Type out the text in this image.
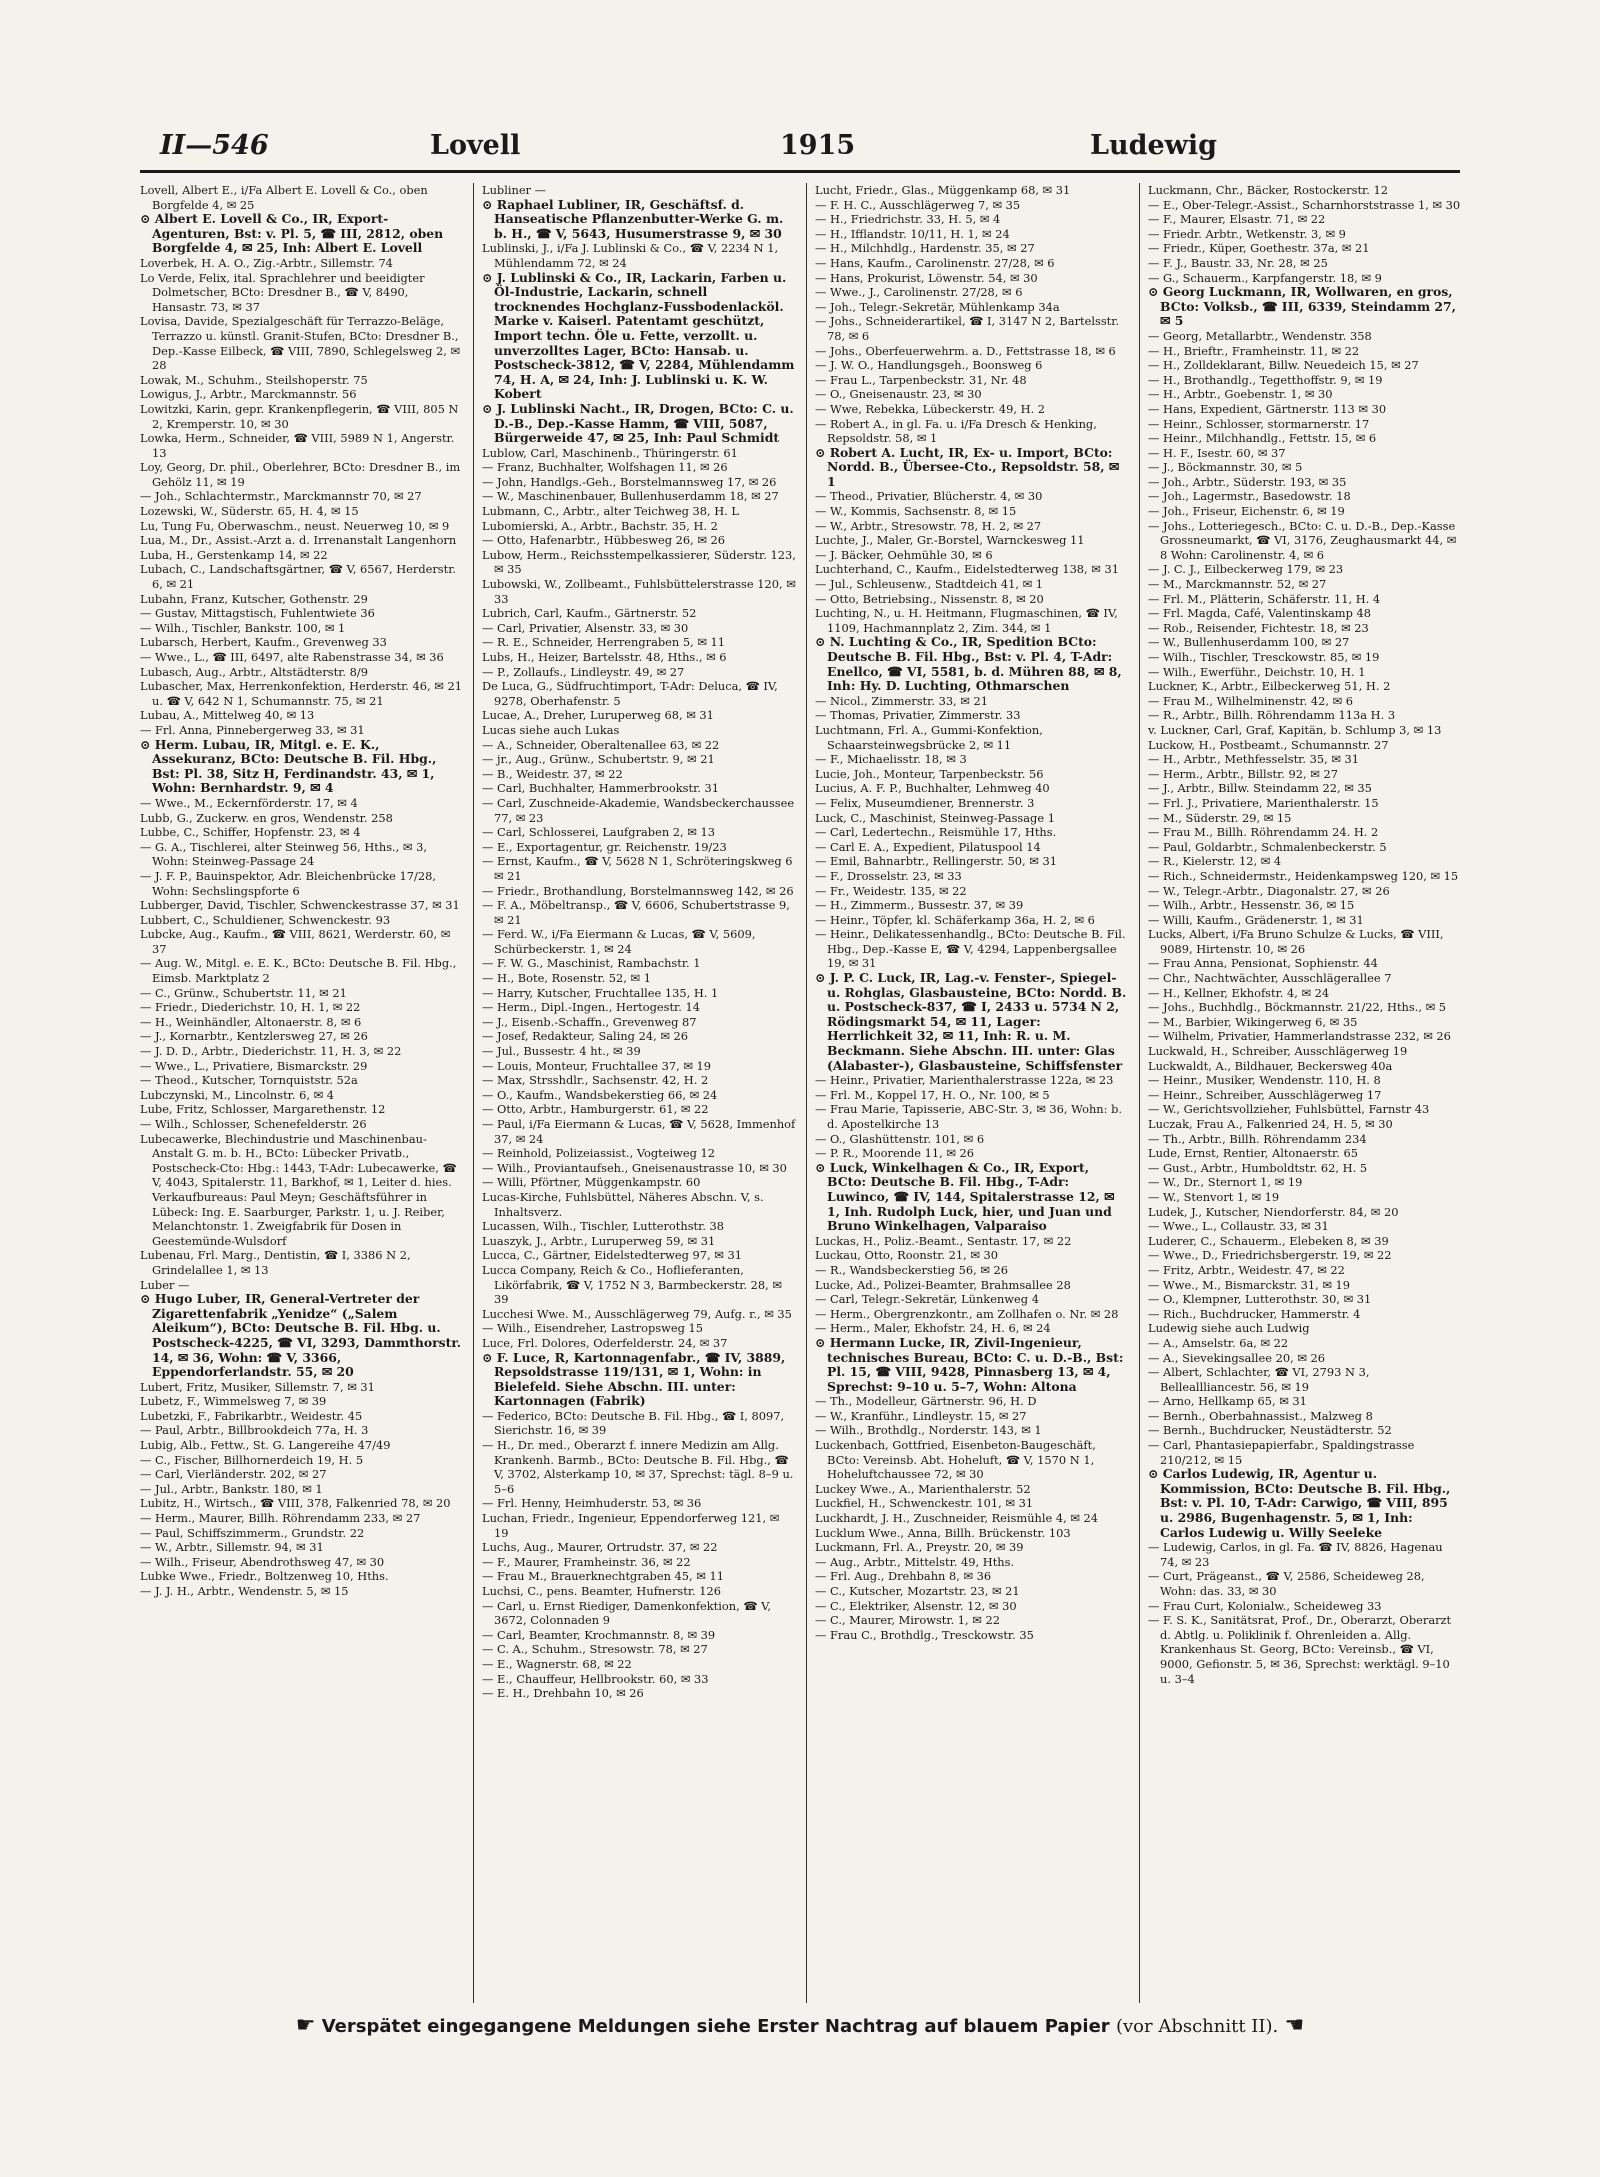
II—546	Lovell	1915	Ludewig

Lovell, Albert E., i/Fa Albert E. Lovell & Co., oben Borgfelde 4, ✉ 25

⊙ Albert E. Lovell & Co., IR, Export-Agenturen, Bst: v. Pl. 5, ☎ III, 2812, oben Borgfelde 4, ✉ 25, Inh: Albert E. Lovell

Loverbek, H. A. O., Zig.-Arbtr., Sillemstr. 74

Lo Verde, Felix, ital. Sprachlehrer und beeidigter Dolmetscher, BCto: Dresdner B., ☎ V, 8490, Hansastr. 73, ✉ 37

Lovisa, Davide, Spezialgeschäft für Terrazzo-Beläge, Terrazzo u. künstl. Granit-Stufen, BCto: Dresdner B., Dep.-Kasse Eilbeck, ☎ VIII, 7890, Schlegelsweg 2, ✉ 28

Lowak, M., Schuhm., Steilshoperstr. 75

Lowigus, J., Arbtr., Marckmannstr. 56

Lowitzki, Karin, gepr. Krankenpflegerin, ☎ VIII, 805 N 2, Kremperstr. 10, ✉ 30

Lowka, Herm., Schneider, ☎ VIII, 5989 N 1, Angerstr. 13

Loy, Georg, Dr. phil., Oberlehrer, BCto: Dresdner B., im Gehölz 11, ✉ 19

— Joh., Schlachtermstr., Marckmannstr 70, ✉ 27

Lozewski, W., Süderstr. 65, H. 4, ✉ 15

Lu, Tung Fu, Oberwaschm., neust. Neuerweg 10, ✉ 9

Lua, M., Dr., Assist.-Arzt a. d. Irrenanstalt Langenhorn

Luba, H., Gerstenkamp 14, ✉ 22

Lubach, C., Landschaftsgärtner, ☎ V, 6567, Herderstr. 6, ✉ 21

Lubahn, Franz, Kutscher, Gothenstr. 29

— Gustav, Mittagstisch, Fuhlentwiete 36

— Wilh., Tischler, Bankstr. 100, ✉ 1

Lubarsch, Herbert, Kaufm., Grevenweg 33

— Wwe., L., ☎ III, 6497, alte Rabenstrasse 34, ✉ 36

Lubasch, Aug., Arbtr., Altstädterstr. 8/9

Lubascher, Max, Herrenkonfektion, Herderstr. 46, ✉ 21 u. ☎ V, 642 N 1, Schumannstr. 75, ✉ 21

Lubau, A., Mittelweg 40, ✉ 13

— Frl. Anna, Pinnebergerweg 33, ✉ 31

⊙ Herm. Lubau, IR, Mitgl. e. E. K., Assekuranz, BCto: Deutsche B. Fil. Hbg., Bst: Pl. 38, Sitz H, Ferdinandstr. 43, ✉ 1, Wohn: Bernhardstr. 9, ✉ 4

— Wwe., M., Eckernförderstr. 17, ✉ 4

Lubb, G., Zuckerw. en gros, Wendenstr. 258

Lubbe, C., Schiffer, Hopfenstr. 23, ✉ 4

— G. A., Tischlerei, alter Steinweg 56, Hths., ✉ 3, Wohn: Steinweg-Passage 24

— J. F. P., Bauinspektor, Adr. Bleichenbrücke 17/28, Wohn: Sechslingspforte 6

Lubberger, David, Tischler, Schwenckestrasse 37, ✉ 31

Lubbert, C., Schuldiener, Schwenckestr. 93

Lubcke, Aug., Kaufm., ☎ VIII, 8621, Werderstr. 60, ✉ 37

— Aug. W., Mitgl. e. E. K., BCto: Deutsche B. Fil. Hbg., Eimsb. Marktplatz 2

— C., Grünw., Schubertstr. 11, ✉ 21

— Friedr., Diederichstr. 10, H. 1, ✉ 22

— H., Weinhändler, Altonaerstr. 8, ✉ 6

— J., Kornarbtr., Kentzlersweg 27, ✉ 26

— J. D. D., Arbtr., Diederichstr. 11, H. 3, ✉ 22

— Wwe., L., Privatiere, Bismarckstr. 29

— Theod., Kutscher, Tornquiststr. 52a

Lubczynski, M., Lincolnstr. 6, ✉ 4

Lube, Fritz, Schlosser, Margarethenstr. 12

— Wilh., Schlosser, Schenefelderstr. 26

Lubecawerke, Blechindustrie und Maschinenbau-Anstalt G. m. b. H., BCto: Lübecker Privatb., Postscheck-Cto: Hbg.: 1443, T-Adr: Lubecawerke, ☎ V, 4043, Spitalerstr. 11, Barkhof, ✉ 1, Leiter d. hies. Verkaufbureaus: Paul Meyn; Geschäftsführer in Lübeck: Ing. E. Saarburger, Parkstr. 1, u. J. Reiber, Melanchtonstr. 1. Zweigfabrik für Dosen in Geestemünde-Wulsdorf

Lubenau, Frl. Marg., Dentistin, ☎ I, 3386 N 2, Grindelallee 1, ✉ 13

Luber —

⊙ Hugo Luber, IR, General-Vertreter der Zigarettenfabrik „Yenidze“ („Salem Aleikum“), BCto: Deutsche B. Fil. Hbg. u. Postscheck-4225, ☎ VI, 3293, Dammthorstr. 14, ✉ 36, Wohn: ☎ V, 3366, Eppendorferlandstr. 55, ✉ 20

Lubert, Fritz, Musiker, Sillemstr. 7, ✉ 31

Lubetz, F., Wimmelsweg 7, ✉ 39

Lubetzki, F., Fabrikarbtr., Weidestr. 45

— Paul, Arbtr., Billbrookdeich 77a, H. 3

Lubig, Alb., Fettw., St. G. Langereihe 47/49

— C., Fischer, Billhornerdeich 19, H. 5

— Carl, Vierländerstr. 202, ✉ 27

— Jul., Arbtr., Bankstr. 180, ✉ 1

Lubitz, H., Wirtsch., ☎ VIII, 378, Falkenried 78, ✉ 20

— Herm., Maurer, Billh. Röhrendamm 233, ✉ 27

— Paul, Schiffszimmerm., Grundstr. 22

— W., Arbtr., Sillemstr. 94, ✉ 31

— Wilh., Friseur, Abendrothsweg 47, ✉ 30

Lubke Wwe., Friedr., Boltzenweg 10, Hths.

— J. J. H., Arbtr., Wendenstr. 5, ✉ 15

Lubliner —

⊙ Raphael Lubliner, IR, Geschäftsf. d. Hanseatische Pflanzenbutter-Werke G. m. b. H., ☎ V, 5643, Husumerstrasse 9, ✉ 30

Lublinski, J., i/Fa J. Lublinski & Co., ☎ V, 2234 N 1, Mühlendamm 72, ✉ 24

⊙ J. Lublinski & Co., IR, Lackarin, Farben u. Öl-Industrie, Lackarin, schnell trocknendes Hochglanz-Fussbodenlacköl. Marke v. Kaiserl. Patentamt geschützt, Import techn. Öle u. Fette, verzollt. u. unverzolltes Lager, BCto: Hansab. u. Postscheck-3812, ☎ V, 2284, Mühlendamm 74, H. A, ✉ 24, Inh: J. Lublinski u. K. W. Kobert

⊙ J. Lublinski Nacht., IR, Drogen, BCto: C. u. D.-B., Dep.-Kasse Hamm, ☎ VIII, 5087, Bürgerweide 47, ✉ 25, Inh: Paul Schmidt

Lublow, Carl, Maschinenb., Thüringerstr. 61

— Franz, Buchhalter, Wolfshagen 11, ✉ 26

— John, Handlgs.-Geh., Borstelmannsweg 17, ✉ 26

— W., Maschinenbauer, Bullenhuserdamm 18, ✉ 27

Lubmann, C., Arbtr., alter Teichweg 38, H. L

Lubomierski, A., Arbtr., Bachstr. 35, H. 2

— Otto, Hafenarbtr., Hübbesweg 26, ✉ 26

Lubow, Herm., Reichsstempelkassierer, Süderstr. 123, ✉ 35

Lubowski, W., Zollbeamt., Fuhlsbüttelerstrasse 120, ✉ 33

Lubrich, Carl, Kaufm., Gärtnerstr. 52

— Carl, Privatier, Alsenstr. 33, ✉ 30

— R. E., Schneider, Herrengraben 5, ✉ 11

Lubs, H., Heizer, Bartelsstr. 48, Hths., ✉ 6

— P., Zollaufs., Lindleystr. 49, ✉ 27

De Luca, G., Südfruchtimport, T-Adr: Deluca, ☎ IV, 9278, Oberhafenstr. 5

Lucae, A., Dreher, Luruperweg 68, ✉ 31

Lucas siehe auch Lukas

— A., Schneider, Oberaltenallee 63, ✉ 22

— jr., Aug., Grünw., Schubertstr. 9, ✉ 21

— B., Weidestr. 37, ✉ 22

— Carl, Buchhalter, Hammerbrookstr. 31

— Carl, Zuschneide-Akademie, Wandsbeckerchaussee 77, ✉ 23

— Carl, Schlosserei, Laufgraben 2, ✉ 13

— E., Exportagentur, gr. Reichenstr. 19/23

— Ernst, Kaufm., ☎ V, 5628 N 1, Schröteringskweg 6 ✉ 21

— Friedr., Brothandlung, Borstelmannsweg 142, ✉ 26

— F. A., Möbeltransp., ☎ V, 6606, Schubertstrasse 9, ✉ 21

— Ferd. W., i/Fa Eiermann & Lucas, ☎ V, 5609, Schürbeckerstr. 1, ✉ 24

— F. W. G., Maschinist, Rambachstr. 1

— H., Bote, Rosenstr. 52, ✉ 1

— Harry, Kutscher, Fruchtallee 135, H. 1

— Herm., Dipl.-Ingen., Hertogestr. 14

— J., Eisenb.-Schaffn., Grevenweg 87

— Josef, Redakteur, Saling 24, ✉ 26

— Jul., Bussestr. 4 ht., ✉ 39

— Louis, Monteur, Fruchtallee 37, ✉ 19

— Max, Strsshdlr., Sachsenstr. 42, H. 2

— O., Kaufm., Wandsbekerstieg 66, ✉ 24

— Otto, Arbtr., Hamburgerstr. 61, ✉ 22

— Paul, i/Fa Eiermann & Lucas, ☎ V, 5628, Immenhof 37, ✉ 24

— Reinhold, Polizeiassist., Vogteiweg 12

— Wilh., Proviantaufseh., Gneisenaustrasse 10, ✉ 30

— Willi, Pförtner, Müggenkampstr. 60

Lucas-Kirche, Fuhlsbüttel, Näheres Abschn. V, s. Inhaltsverz.

Lucassen, Wilh., Tischler, Lutterothstr. 38

Luaszyk, J., Arbtr., Luruperweg 59, ✉ 31

Lucca, C., Gärtner, Eidelstedterweg 97, ✉ 31

Lucca Company, Reich & Co., Hoflieferanten, Likörfabrik, ☎ V, 1752 N 3, Barmbeckerstr. 28, ✉ 39

Lucchesi Wwe. M., Ausschlägerweg 79, Aufg. r., ✉ 35

— Wilh., Eisendreher, Lastropsweg 15

Luce, Frl. Dolores, Oderfelderstr. 24, ✉ 37

⊙ F. Luce, R, Kartonnagenfabr., ☎ IV, 3889, Repsoldstrasse 119/131, ✉ 1, Wohn: in Bielefeld. Siehe Abschn. III. unter: Kartonnagen (Fabrik)

— Federico, BCto: Deutsche B. Fil. Hbg., ☎ I, 8097, Sierichstr. 16, ✉ 39

— H., Dr. med., Oberarzt f. innere Medizin am Allg. Krankenh. Barmb., BCto: Deutsche B. Fil. Hbg., ☎ V, 3702, Alsterkamp 10, ✉ 37, Sprechst: tägl. 8–9 u. 5–6

— Frl. Henny, Heimhuderstr. 53, ✉ 36

Luchan, Friedr., Ingenieur, Eppendorferweg 121, ✉ 19

Luchs, Aug., Maurer, Ortrudstr. 37, ✉ 22

— F., Maurer, Framheinstr. 36, ✉ 22

— Frau M., Brauerknechtgraben 45, ✉ 11

Luchsi, C., pens. Beamter, Hufnerstr. 126

— Carl, u. Ernst Riediger, Damenkonfektion, ☎ V, 3672, Colonnaden 9

— Carl, Beamter, Krochmannstr. 8, ✉ 39

— C. A., Schuhm., Stresowstr. 78, ✉ 27

— E., Wagnerstr. 68, ✉ 22

— E., Chauffeur, Hellbrookstr. 60, ✉ 33

— E. H., Drehbahn 10, ✉ 26

Lucht, Friedr., Glas., Müggenkamp 68, ✉ 31

— F. H. C., Ausschlägerweg 7, ✉ 35

— H., Friedrichstr. 33, H. 5, ✉ 4

— H., Ifflandstr. 10/11, H. 1, ✉ 24

— H., Milchhdlg., Hardenstr. 35, ✉ 27

— Hans, Kaufm., Carolinenstr. 27/28, ✉ 6

— Hans, Prokurist, Löwenstr. 54, ✉ 30

— Wwe., J., Carolinenstr. 27/28, ✉ 6

— Joh., Telegr.-Sekretär, Mühlenkamp 34a

— Johs., Schneiderartikel, ☎ I, 3147 N 2, Bartelsstr. 78, ✉ 6

— Johs., Oberfeuerwehrm. a. D., Fettstrasse 18, ✉ 6

— J. W. O., Handlungsgeh., Boonsweg 6

— Frau L., Tarpenbeckstr. 31, Nr. 48

— O., Gneisenaustr. 23, ✉ 30

— Wwe, Rebekka, Lübeckerstr. 49, H. 2

— Robert A., in gl. Fa. u. i/Fa Dresch & Henking, Repsoldstr. 58, ✉ 1

⊙ Robert A. Lucht, IR, Ex- u. Import, BCto: Nordd. B., Übersee-Cto., Repsoldstr. 58, ✉ 1

— Theod., Privatier, Blücherstr. 4, ✉ 30

— W., Kommis, Sachsenstr. 8, ✉ 15

— W., Arbtr., Stresowstr. 78, H. 2, ✉ 27

Luchte, J., Maler, Gr.-Borstel, Warnckesweg 11

— J. Bäcker, Oehmühle 30, ✉ 6

Luchterhand, C., Kaufm., Eidelstedterweg 138, ✉ 31

— Jul., Schleusenw., Stadtdeich 41, ✉ 1

— Otto, Betriebsing., Nissenstr. 8, ✉ 20

Luchting, N., u. H. Heitmann, Flugmaschinen, ☎ IV, 1109, Hachmannplatz 2, Zim. 344, ✉ 1

⊙ N. Luchting & Co., IR, Spedition BCto: Deutsche B. Fil. Hbg., Bst: v. Pl. 4, T-Adr: Enellco, ☎ VI, 5581, b. d. Mühren 88, ✉ 8, Inh: Hy. D. Luchting, Othmarschen

— Nicol., Zimmerstr. 33, ✉ 21

— Thomas, Privatier, Zimmerstr. 33

Luchtmann, Frl. A., Gummi-Konfektion, Schaarsteinwegsbrücke 2, ✉ 11

— F., Michaelisstr. 18, ✉ 3

Lucie, Joh., Monteur, Tarpenbeckstr. 56

Lucius, A. F. P., Buchhalter, Lehmweg 40

— Felix, Museumdiener, Brennerstr. 3

Luck, C., Maschinist, Steinweg-Passage 1

— Carl, Ledertechn., Reismühle 17, Hths.

— Carl E. A., Expedient, Pilatuspool 14

— Emil, Bahnarbtr., Rellingerstr. 50, ✉ 31

— F., Drosselstr. 23, ✉ 33

— Fr., Weidestr. 135, ✉ 22

— H., Zimmerm., Bussestr. 37, ✉ 39

— Heinr., Töpfer, kl. Schäferkamp 36a, H. 2, ✉ 6

— Heinr., Delikatessenhandlg., BCto: Deutsche B. Fil. Hbg., Dep.-Kasse E, ☎ V, 4294, Lappenbergsallee 19, ✉ 31

⊙ J. P. C. Luck, IR, Lag.-v. Fenster-, Spiegel- u. Rohglas, Glasbausteine, BCto: Nordd. B. u. Postscheck-837, ☎ I, 2433 u. 5734 N 2, Rödingsmarkt 54, ✉ 11, Lager: Herrlichkeit 32, ✉ 11, Inh: R. u. M. Beckmann. Siehe Abschn. III. unter: Glas (Alabaster-), Glasbausteine, Schiffsfenster

— Heinr., Privatier, Marienthalerstrasse 122a, ✉ 23

— Frl. M., Koppel 17, H. O., Nr. 100, ✉ 5

— Frau Marie, Tapisserie, ABC-Str. 3, ✉ 36, Wohn: b. d. Apostelkirche 13

— O., Glashüttenstr. 101, ✉ 6

— P. R., Moorende 11, ✉ 26

⊙ Luck, Winkelhagen & Co., IR, Export, BCto: Deutsche B. Fil. Hbg., T-Adr: Luwinco, ☎ IV, 144, Spitalerstrasse 12, ✉ 1, Inh. Rudolph Luck, hier, und Juan und Bruno Winkelhagen, Valparaiso

Luckas, H., Poliz.-Beamt., Sentastr. 17, ✉ 22

Luckau, Otto, Roonstr. 21, ✉ 30

— R., Wandsbeckerstieg 56, ✉ 26

Lucke, Ad., Polizei-Beamter, Brahmsallee 28

— Carl, Telegr.-Sekretär, Lünkenweg 4

— Herm., Obergrenzkontr., am Zollhafen o. Nr. ✉ 28

— Herm., Maler, Ekhofstr. 24, H. 6, ✉ 24

⊙ Hermann Lucke, IR, Zivil-Ingenieur, technisches Bureau, BCto: C. u. D.-B., Bst: Pl. 15, ☎ VIII, 9428, Pinnasberg 13, ✉ 4, Sprechst: 9–10 u. 5–7, Wohn: Altona

— Th., Modelleur, Gärtnerstr. 96, H. D

— W., Kranführ., Lindleystr. 15, ✉ 27

— Wilh., Brothdlg., Norderstr. 143, ✉ 1

Luckenbach, Gottfried, Eisenbeton-Baugeschäft, BCto: Vereinsb. Abt. Hoheluft, ☎ V, 1570 N 1, Hoheluftchaussee 72, ✉ 30

Luckey Wwe., A., Marienthalerstr. 52

Luckfiel, H., Schwenckestr. 101, ✉ 31

Luckhardt, J. H., Zuschneider, Reismühle 4, ✉ 24

Lucklum Wwe., Anna, Billh. Brückenstr. 103

Luckmann, Frl. A., Preystr. 20, ✉ 39

— Aug., Arbtr., Mittelstr. 49, Hths.

— Frl. Aug., Drehbahn 8, ✉ 36

— C., Kutscher, Mozartstr. 23, ✉ 21

— C., Elektriker, Alsenstr. 12, ✉ 30

— C., Maurer, Mirowstr. 1, ✉ 22

— Frau C., Brothdlg., Tresckowstr. 35

Luckmann, Chr., Bäcker, Rostockerstr. 12

— E., Ober-Telegr.-Assist., Scharnhorststrasse 1, ✉ 30

— F., Maurer, Elsastr. 71, ✉ 22

— Friedr. Arbtr., Wetkenstr. 3, ✉ 9

— Friedr., Küper, Goethestr. 37a, ✉ 21

— F. J., Baustr. 33, Nr. 28, ✉ 25

— G., Schauerm., Karpfangerstr. 18, ✉ 9

⊙ Georg Luckmann, IR, Wollwaren, en gros, BCto: Volksb., ☎ III, 6339, Steindamm 27, ✉ 5

— Georg, Metallarbtr., Wendenstr. 358

— H., Brieftr., Framheinstr. 11, ✉ 22

— H., Zolldeklarant, Billw. Neuedeich 15, ✉ 27

— H., Brothandlg., Tegetthoffstr. 9, ✉ 19

— H., Arbtr., Goebenstr. 1, ✉ 30

— Hans, Expedient, Gärtnerstr. 113 ✉ 30

— Heinr., Schlosser, stormarnerstr. 17

— Heinr., Milchhandlg., Fettstr. 15, ✉ 6

— H. F., Isestr. 60, ✉ 37

— J., Böckmannstr. 30, ✉ 5

— Joh., Arbtr., Süderstr. 193, ✉ 35

— Joh., Lagermstr., Basedowstr. 18

— Joh., Friseur, Eichenstr. 6, ✉ 19

— Johs., Lotteriegesch., BCto: C. u. D.-B., Dep.-Kasse Grossneumarkt, ☎ VI, 3176, Zeughausmarkt 44, ✉ 8 Wohn: Carolinenstr. 4, ✉ 6

— J. C. J., Eilbeckerweg 179, ✉ 23

— M., Marckmannstr. 52, ✉ 27

— Frl. M., Plätterin, Schäferstr. 11, H. 4

— Frl. Magda, Café, Valentinskamp 48

— Rob., Reisender, Fichtestr. 18, ✉ 23

— W., Bullenhuserdamm 100, ✉ 27

— Wilh., Tischler, Tresckowstr. 85, ✉ 19

— Wilh., Ewerführ., Deichstr. 10, H. 1

Luckner, K., Arbtr., Eilbeckerweg 51, H. 2

— Frau M., Wilhelminenstr. 42, ✉ 6

— R., Arbtr., Billh. Röhrendamm 113a H. 3

v. Luckner, Carl, Graf, Kapitän, b. Schlump 3, ✉ 13

Luckow, H., Postbeamt., Schumannstr. 27

— H., Arbtr., Methfesselstr. 35, ✉ 31

— Herm., Arbtr., Billstr. 92, ✉ 27

— J., Arbtr., Billw. Steindamm 22, ✉ 35

— Frl. J., Privatiere, Marienthalerstr. 15

— M., Süderstr. 29, ✉ 15

— Frau M., Billh. Röhrendamm 24. H. 2

— Paul, Goldarbtr., Schmalenbeckerstr. 5

— R., Kielerstr. 12, ✉ 4

— Rich., Schneidermstr., Heidenkampsweg 120, ✉ 15

— W., Telegr.-Arbtr., Diagonalstr. 27, ✉ 26

— Wilh., Arbtr., Hessenstr. 36, ✉ 15

— Willi, Kaufm., Grädenerstr. 1, ✉ 31

Lucks, Albert, i/Fa Bruno Schulze & Lucks, ☎ VIII, 9089, Hirtenstr. 10, ✉ 26

— Frau Anna, Pensionat, Sophienstr. 44

— Chr., Nachtwächter, Ausschlägerallee 7

— H., Kellner, Ekhofstr. 4, ✉ 24

— Johs., Buchhdlg., Böckmannstr. 21/22, Hths., ✉ 5

— M., Barbier, Wikingerweg 6, ✉ 35

— Wilhelm, Privatier, Hammerlandstrasse 232, ✉ 26

Luckwald, H., Schreiber, Ausschlägerweg 19

Luckwaldt, A., Bildhauer, Beckersweg 40a

— Heinr., Musiker, Wendenstr. 110, H. 8

— Heinr., Schreiber, Ausschlägerweg 17

— W., Gerichtsvollzieher, Fuhlsbüttel, Farnstr 43

Luczak, Frau A., Falkenried 24, H. 5, ✉ 30

— Th., Arbtr., Billh. Röhrendamm 234

Lude, Ernst, Rentier, Altonaerstr. 65

— Gust., Arbtr., Humboldtstr. 62, H. 5

— W., Dr., Sternort 1, ✉ 19

— W., Stenvort 1, ✉ 19

Ludek, J., Kutscher, Niendorferstr. 84, ✉ 20

— Wwe., L., Collaustr. 33, ✉ 31

Luderer, C., Schauerm., Elebeken 8, ✉ 39

— Wwe., D., Friedrichsbergerstr. 19, ✉ 22

— Fritz, Arbtr., Weidestr. 47, ✉ 22

— Wwe., M., Bismarckstr. 31, ✉ 19

— O., Klempner, Lutterothstr. 30, ✉ 31

— Rich., Buchdrucker, Hammerstr. 4

Ludewig siehe auch Ludwig

— A., Amselstr. 6a, ✉ 22

— A., Sievekingsallee 20, ✉ 26

— Albert, Schlachter, ☎ VI, 2793 N 3, Belleallliancestr. 56, ✉ 19

— Arno, Hellkamp 65, ✉ 31

— Bernh., Oberbahnassist., Malzweg 8

— Bernh., Buchdrucker, Neustädterstr. 52

— Carl, Phantasiepapierfabr., Spaldingstrasse 210/212, ✉ 15

⊙ Carlos Ludewig, IR, Agentur u. Kommission, BCto: Deutsche B. Fil. Hbg., Bst: v. Pl. 10, T-Adr: Carwigo, ☎ VIII, 895 u. 2986, Bugenhagenstr. 5, ✉ 1, Inh: Carlos Ludewig u. Willy Seeleke

— Ludewig, Carlos, in gl. Fa. ☎ IV, 8826, Hagenau 74, ✉ 23

— Curt, Prägeanst., ☎ V, 2586, Scheideweg 28, Wohn: das. 33, ✉ 30

— Frau Curt, Kolonialw., Scheideweg 33

— F. S. K., Sanitätsrat, Prof., Dr., Oberarzt, Oberarzt d. Abtlg. u. Poliklinik f. Ohrenleiden a. Allg. Krankenhaus St. Georg, BCto: Vereinsb., ☎ VI, 9000, Gefionstr. 5, ✉ 36, Sprechst: werktägl. 9–10 u. 3–4

☛ Verspätet eingegangene Meldungen siehe Erster Nachtrag auf blauem Papier (vor Abschnitt II). ☚
